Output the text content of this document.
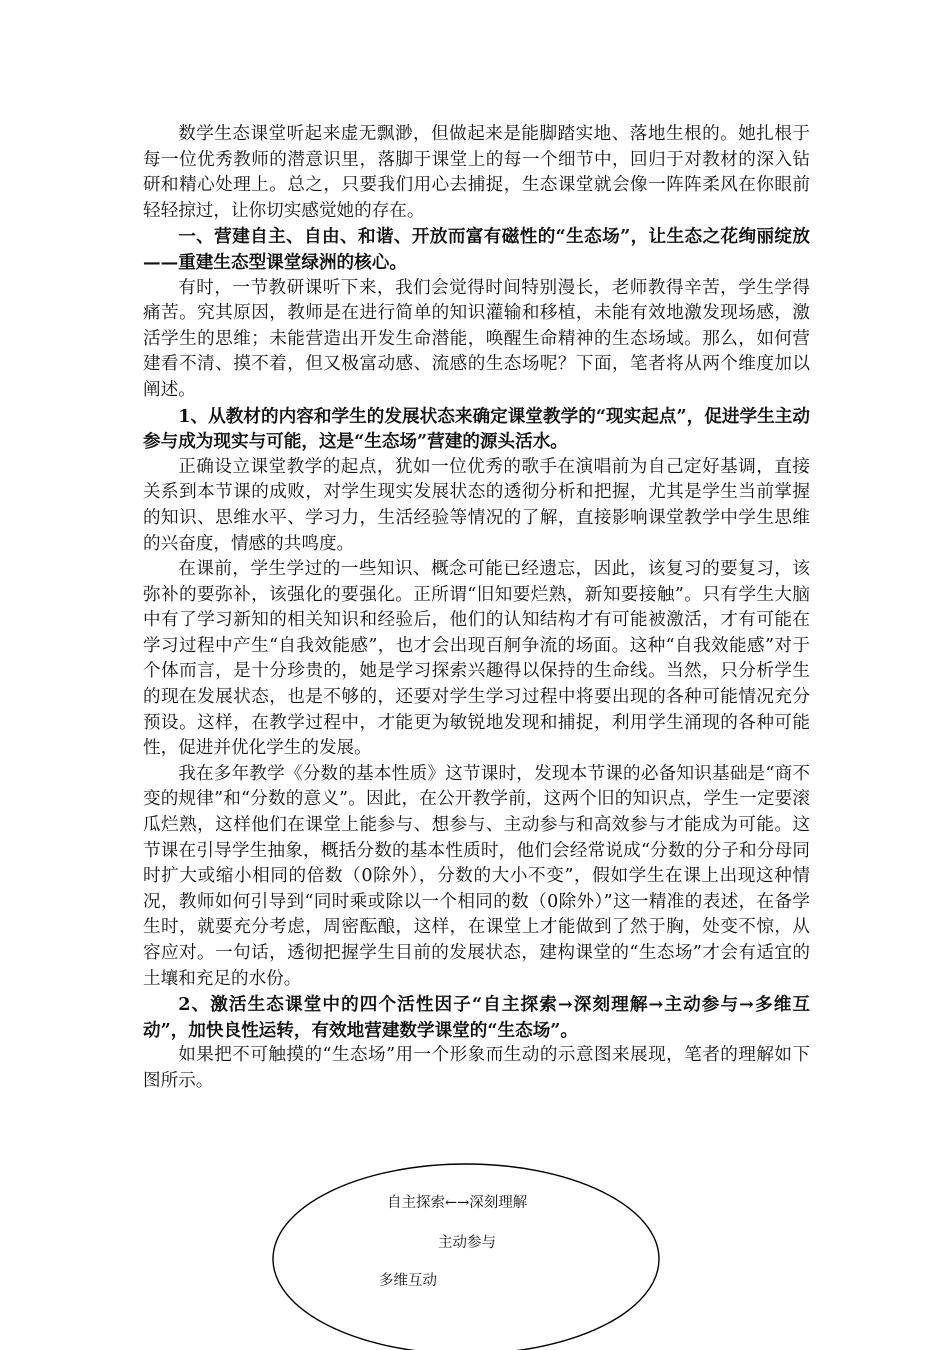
数学生态课堂听起来虚无飘渺，但做起来是能脚踏实地、落地生根的。她扎根于每一位优秀教师的潜意识里，落脚于课堂上的每一个细节中，回归于对教材的深入钻研和精心处理上。总之，只要我们用心去捕捉，生态课堂就会像一阵阵柔风在你眼前轻轻掠过，让你切实感觉她的存在。

一、营建自主、自由、和谐、开放而富有磁性的“生态场”，让生态之花绚丽绽放——重建生态型课堂绿洲的核心。

有时，一节教研课听下来，我们会觉得时间特别漫长，老师教得辛苦，学生学得痛苦。究其原因，教师是在进行简单的知识灌输和移植，未能有效地激发现场感，激活学生的思维；未能营造出开发生命潜能，唤醒生命精神的生态场域。那么，如何营建看不清、摸不着，但又极富动感、流感的生态场呢？下面，笔者将从两个维度加以阐述。

1、从教材的内容和学生的发展状态来确定课堂教学的“现实起点”，促进学生主动参与成为现实与可能，这是“生态场”营建的源头活水。

正确设立课堂教学的起点，犹如一位优秀的歌手在演唱前为自己定好基调，直接关系到本节课的成败，对学生现实发展状态的透彻分析和把握，尤其是学生当前掌握的知识、思维水平、学习力，生活经验等情况的了解，直接影响课堂教学中学生思维的兴奋度，情感的共鸣度。

在课前，学生学过的一些知识、概念可能已经遗忘，因此，该复习的要复习，该弥补的要弥补，该强化的要强化。正所谓“旧知要烂熟，新知要接触”。只有学生大脑中有了学习新知的相关知识和经验后，他们的认知结构才有可能被激活，才有可能在学习过程中产生“自我效能感”，也才会出现百舸争流的场面。这种“自我效能感”对于个体而言，是十分珍贵的，她是学习探索兴趣得以保持的生命线。当然，只分析学生的现在发展状态，也是不够的，还要对学生学习过程中将要出现的各种可能情况充分预设。这样，在教学过程中，才能更为敏锐地发现和捕捉，利用学生涌现的各种可能性，促进并优化学生的发展。

我在多年教学《分数的基本性质》这节课时，发现本节课的必备知识基础是“商不变的规律”和“分数的意义”。因此，在公开教学前，这两个旧的知识点，学生一定要滚瓜烂熟，这样他们在课堂上能参与、想参与、主动参与和高效参与才能成为可能。这节课在引导学生抽象，概括分数的基本性质时，他们会经常说成“分数的分子和分母同时扩大或缩小相同的倍数（0除外），分数的大小不变”，假如学生在课上出现这种情况，教师如何引导到“同时乘或除以一个相同的数（0除外）”这一精准的表述，在备学生时，就要充分考虑，周密酝酿，这样，在课堂上才能做到了然于胸，处变不惊，从容应对。一句话，透彻把握学生目前的发展状态，建构课堂的“生态场”才会有适宜的土壤和充足的水份。

2、激活生态课堂中的四个活性因子“自主探索→深刻理解→主动参与→多维互动”，加快良性运转，有效地营建数学课堂的“生态场”。

如果把不可触摸的“生态场”用一个形象而生动的示意图来展现，笔者的理解如下图所示。

自主探索←→深刻理解
主动参与
多维互动
